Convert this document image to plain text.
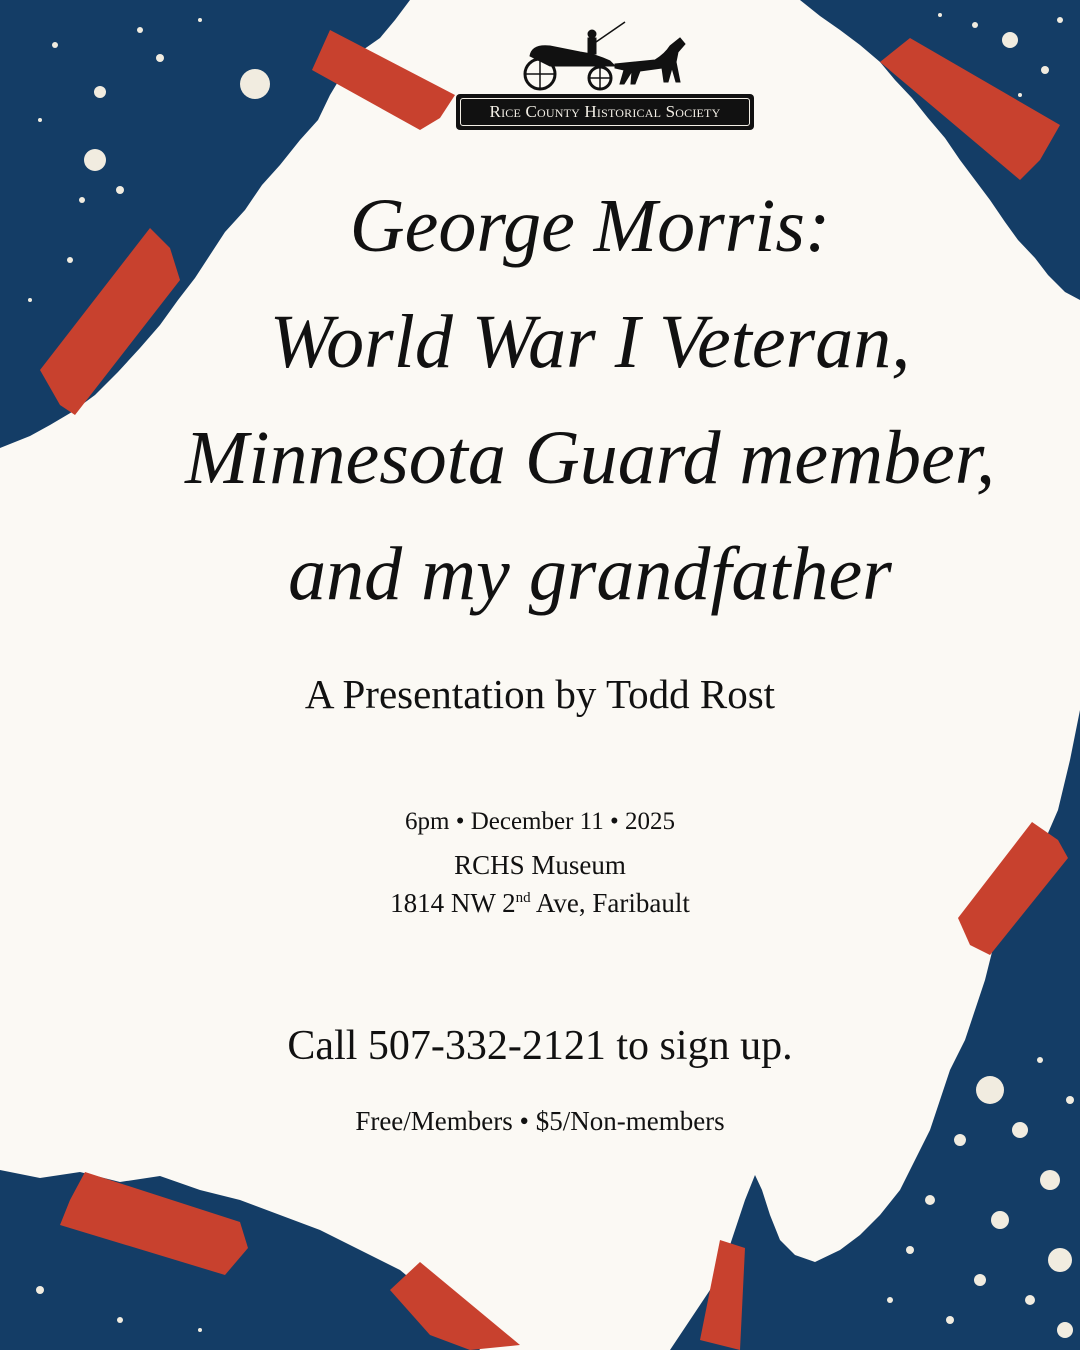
Rice County Historical Society
George Morris:
World War I Veteran,
Minnesota Guard member,
and my grandfather
A Presentation by Todd Rost
6pm • December 11 • 2025
RCHS Museum
1814 NW 2nd Ave, Faribault
Call 507-332-2121 to sign up.
Free/Members • $5/Non-members
